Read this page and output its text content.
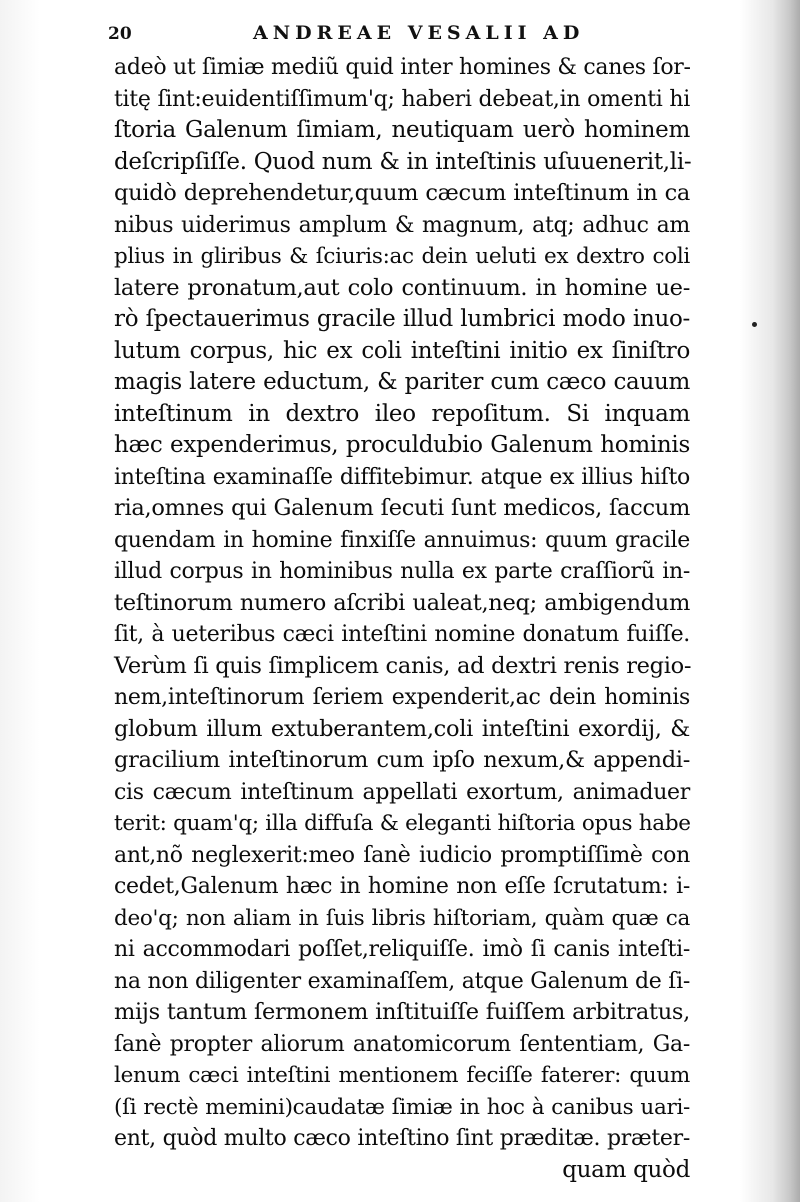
20	ANDREAE VESALII AD
adeò ut ſimiæ mediũ quid inter homines & canes ſor-
titę ſint:euidentiſſimum'q; haberi debeat,in omenti hi
ſtoria Galenum ſimiam, neutiquam uerò hominem
deſcripſiſſe. Quod num & in inteſtinis uſuuenerit,li-
quidò deprehendetur,quum cæcum inteſtinum in ca
nibus uiderimus amplum & magnum, atq; adhuc am
plius in gliribus & ſciuris:ac dein ueluti ex dextro coli
latere pronatum,aut colo continuum. in homine ue-
rò ſpectauerimus gracile illud lumbrici modo inuo-
lutum corpus, hic ex coli inteſtini initio ex ſiniſtro
magis latere eductum, & pariter cum cæco cauum
inteſtinum in dextro ileo repoſitum. Si inquam
hæc expenderimus, proculdubio Galenum hominis
inteſtina examinaſſe diffitebimur. atque ex illius hiſto
ria,omnes qui Galenum ſecuti ſunt medicos, ſaccum
quendam in homine finxiſſe annuimus: quum gracile
illud corpus in hominibus nulla ex parte craſſiorũ in-
teſtinorum numero aſcribi ualeat,neq; ambigendum
ſit, à ueteribus cæci inteſtini nomine donatum fuiſſe.
Verùm ſi quis ſimplicem canis, ad dextri renis regio-
nem,inteſtinorum ſeriem expenderit,ac dein hominis
globum illum extuberantem,coli inteſtini exordij, &
gracilium inteſtinorum cum ipſo nexum,& appendi-
cis cæcum inteſtinum appellati exortum, animaduer
terit: quam'q; illa diffuſa & eleganti hiſtoria opus habe
ant,nõ neglexerit:meo ſanè iudicio promptiſſimè con
cedet,Galenum hæc in homine non eſſe ſcrutatum: i-
deo'q; non aliam in ſuis libris hiſtoriam, quàm quæ ca
ni accommodari poſſet,reliquiſſe. imò ſi canis inteſti-
na non diligenter examinaſſem, atque Galenum de ſi-
mijs tantum ſermonem inſtituiſſe fuiſſem arbitratus,
ſanè propter aliorum anatomicorum ſententiam, Ga-
lenum cæci inteſtini mentionem feciſſe faterer: quum
(ſi rectè memini)caudatæ ſimiæ in hoc à canibus uari-
ent, quòd multo cæco inteſtino ſint præditæ. præter-
quam quòd
